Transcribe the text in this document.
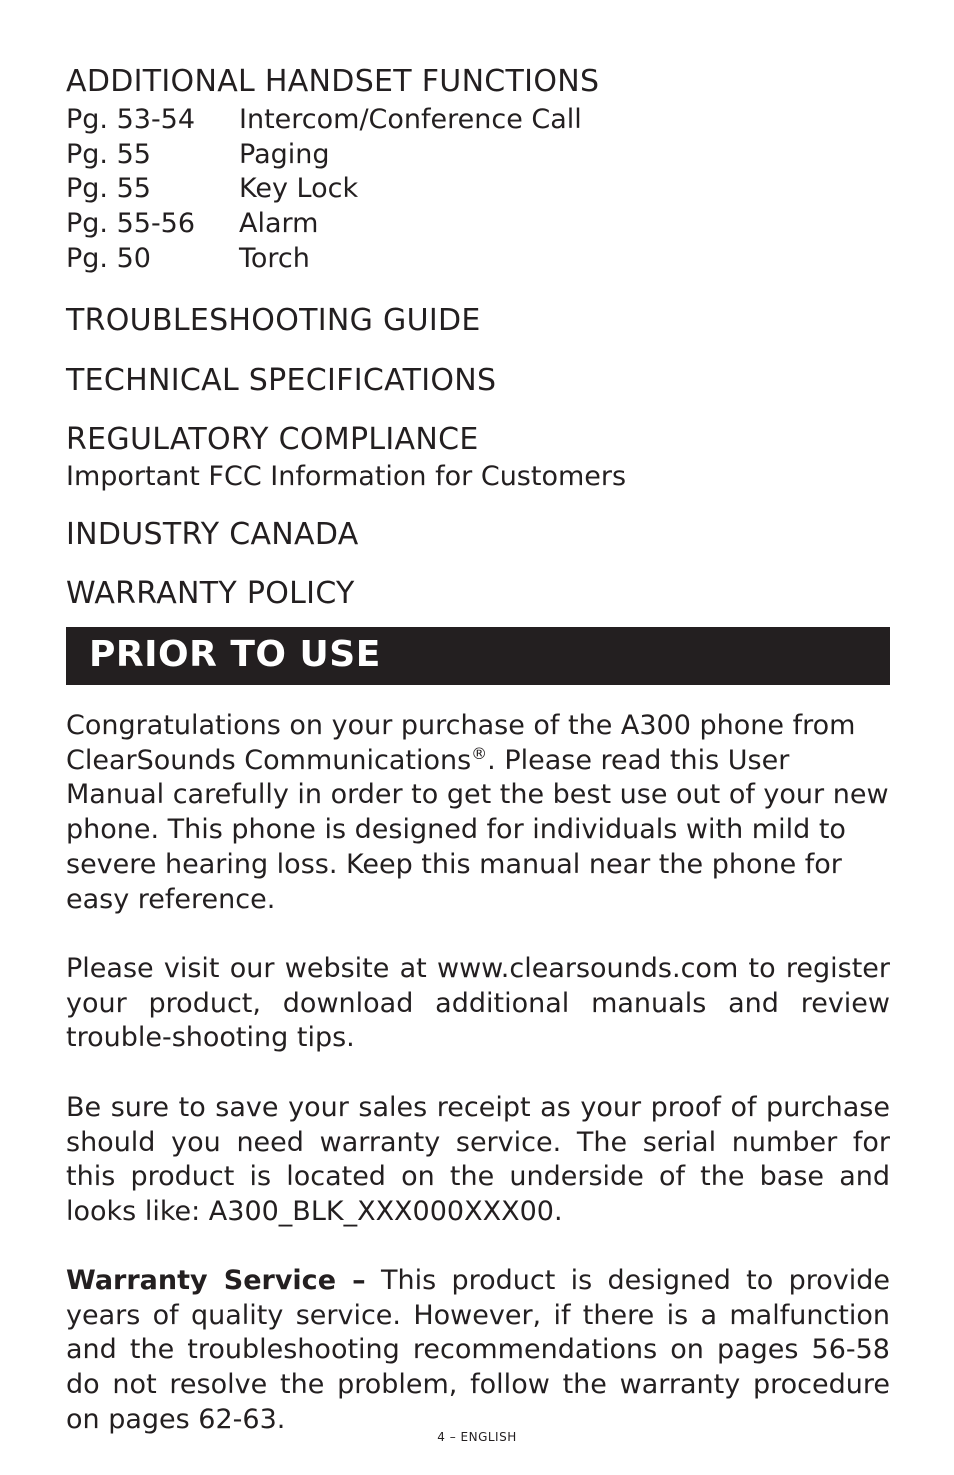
ADDITIONAL HANDSET FUNCTIONS
Pg. 53-54 Intercom/Conference Call
Pg. 55	Paging
Pg. 55	Key Lock
Pg. 55-56 Alarm
Pg. 50	Torch
TROUBLESHOOTING GUIDE
TECHNICAL SPECIFICATIONS
REGULATORY COMPLIANCE
Important FCC Information for Customers
INDUSTRY CANADA
WARRANTY POLICY
PRIOR TO USE

Congratulations on your purchase of the A300 phone from ClearSounds Communications®. Please read this User Manual carefully in order to get the best use out of your new phone. This phone is designed for individuals with mild to severe hearing loss. Keep this manual near the phone for easy reference.

Please visit our website at www.clearsounds.com to register your product, download additional manuals and review trouble-shooting tips.

Be sure to save your sales receipt as your proof of purchase should you need warranty service. The serial number for this product is located on the underside of the base and looks like: A300_BLK_XXX000XXX00.

Warranty Service – This product is designed to provide years of quality service. However, if there is a malfunction and the troubleshooting recommendations on pages 56-58 do not resolve the problem, follow the warranty procedure on pages 62-63.

4 – ENGLISH
